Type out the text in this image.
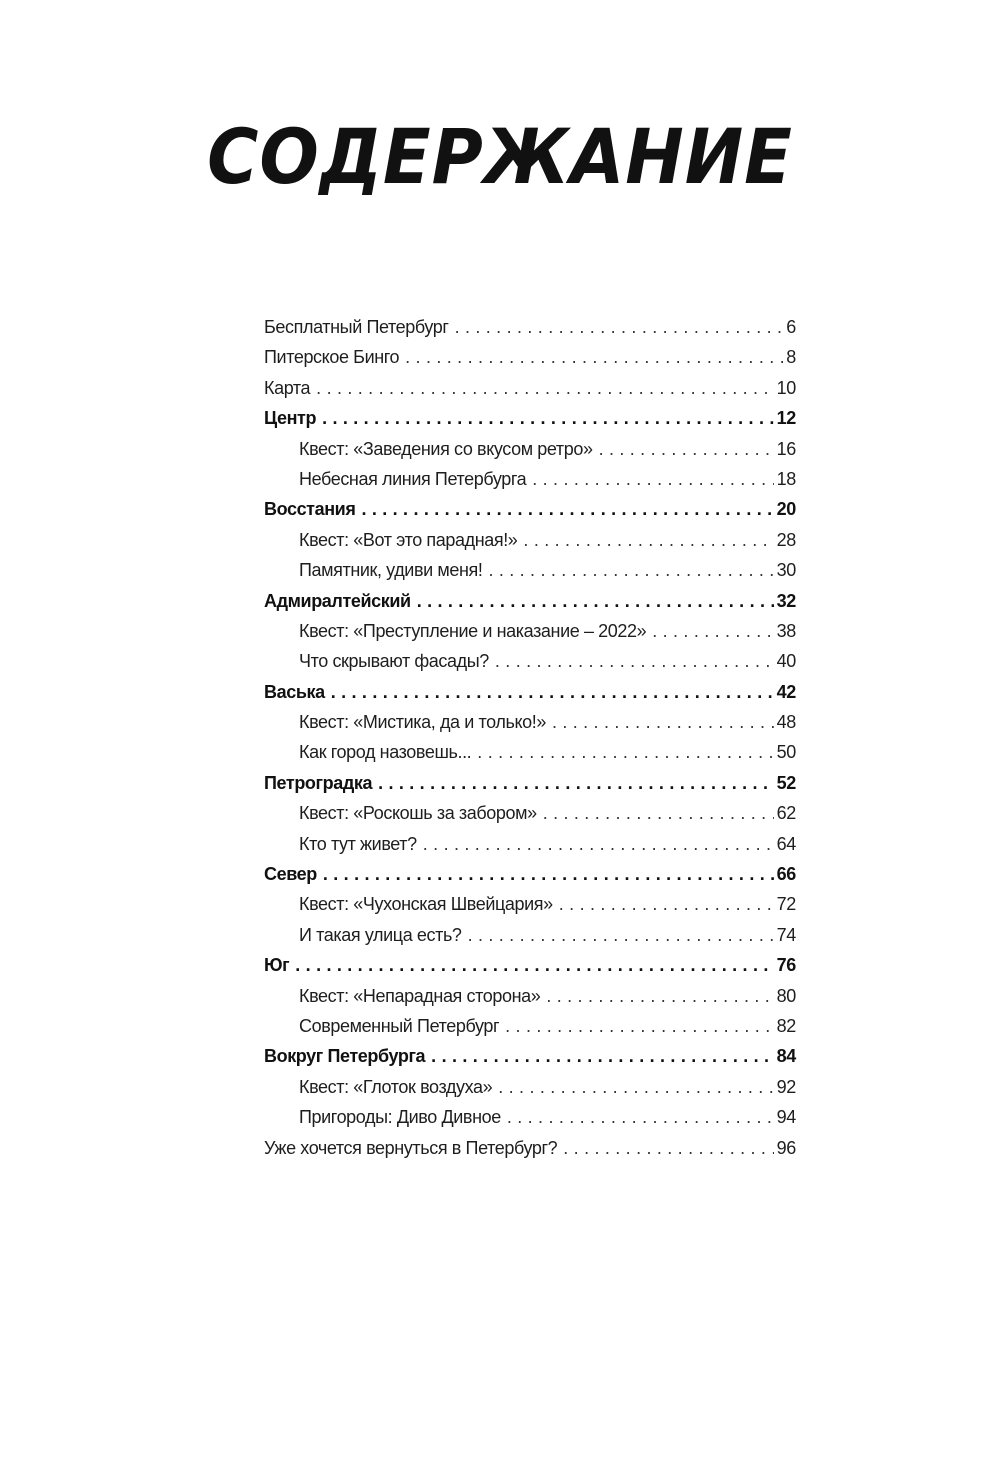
СОДЕРЖАНИЕ
Бесплатный Петербург . . .	6
Питерское Бинго . . .	8
Карта . . .	10
Центр . . .	12
Квест: «Заведения со вкусом ретро» . . .	16
Небесная линия Петербурга . . .	18
Восстания . . .	20
Квест: «Вот это парадная!» . . .	28
Памятник, удиви меня! . . .	30
Адмиралтейский . . .	32
Квест: «Преступление и наказание – 2022» . . .	38
Что скрывают фасады? . . .	40
Васька . . .	42
Квест: «Мистика, да и только!» . . .	48
Как город назовешь... . . .	50
Петроградка . . .	52
Квест: «Роскошь за забором» . . .	62
Кто тут живет? . . .	64
Север . . .	66
Квест: «Чухонская Швейцария» . . .	72
И такая улица есть? . . .	74
Юг . . .	76
Квест: «Непарадная сторона» . . .	80
Современный Петербург . . .	82
Вокруг Петербурга . . .	84
Квест: «Глоток воздуха» . . .	92
Пригороды: Диво Дивное . . .	94
Уже хочется вернуться в Петербург? . . .	96
